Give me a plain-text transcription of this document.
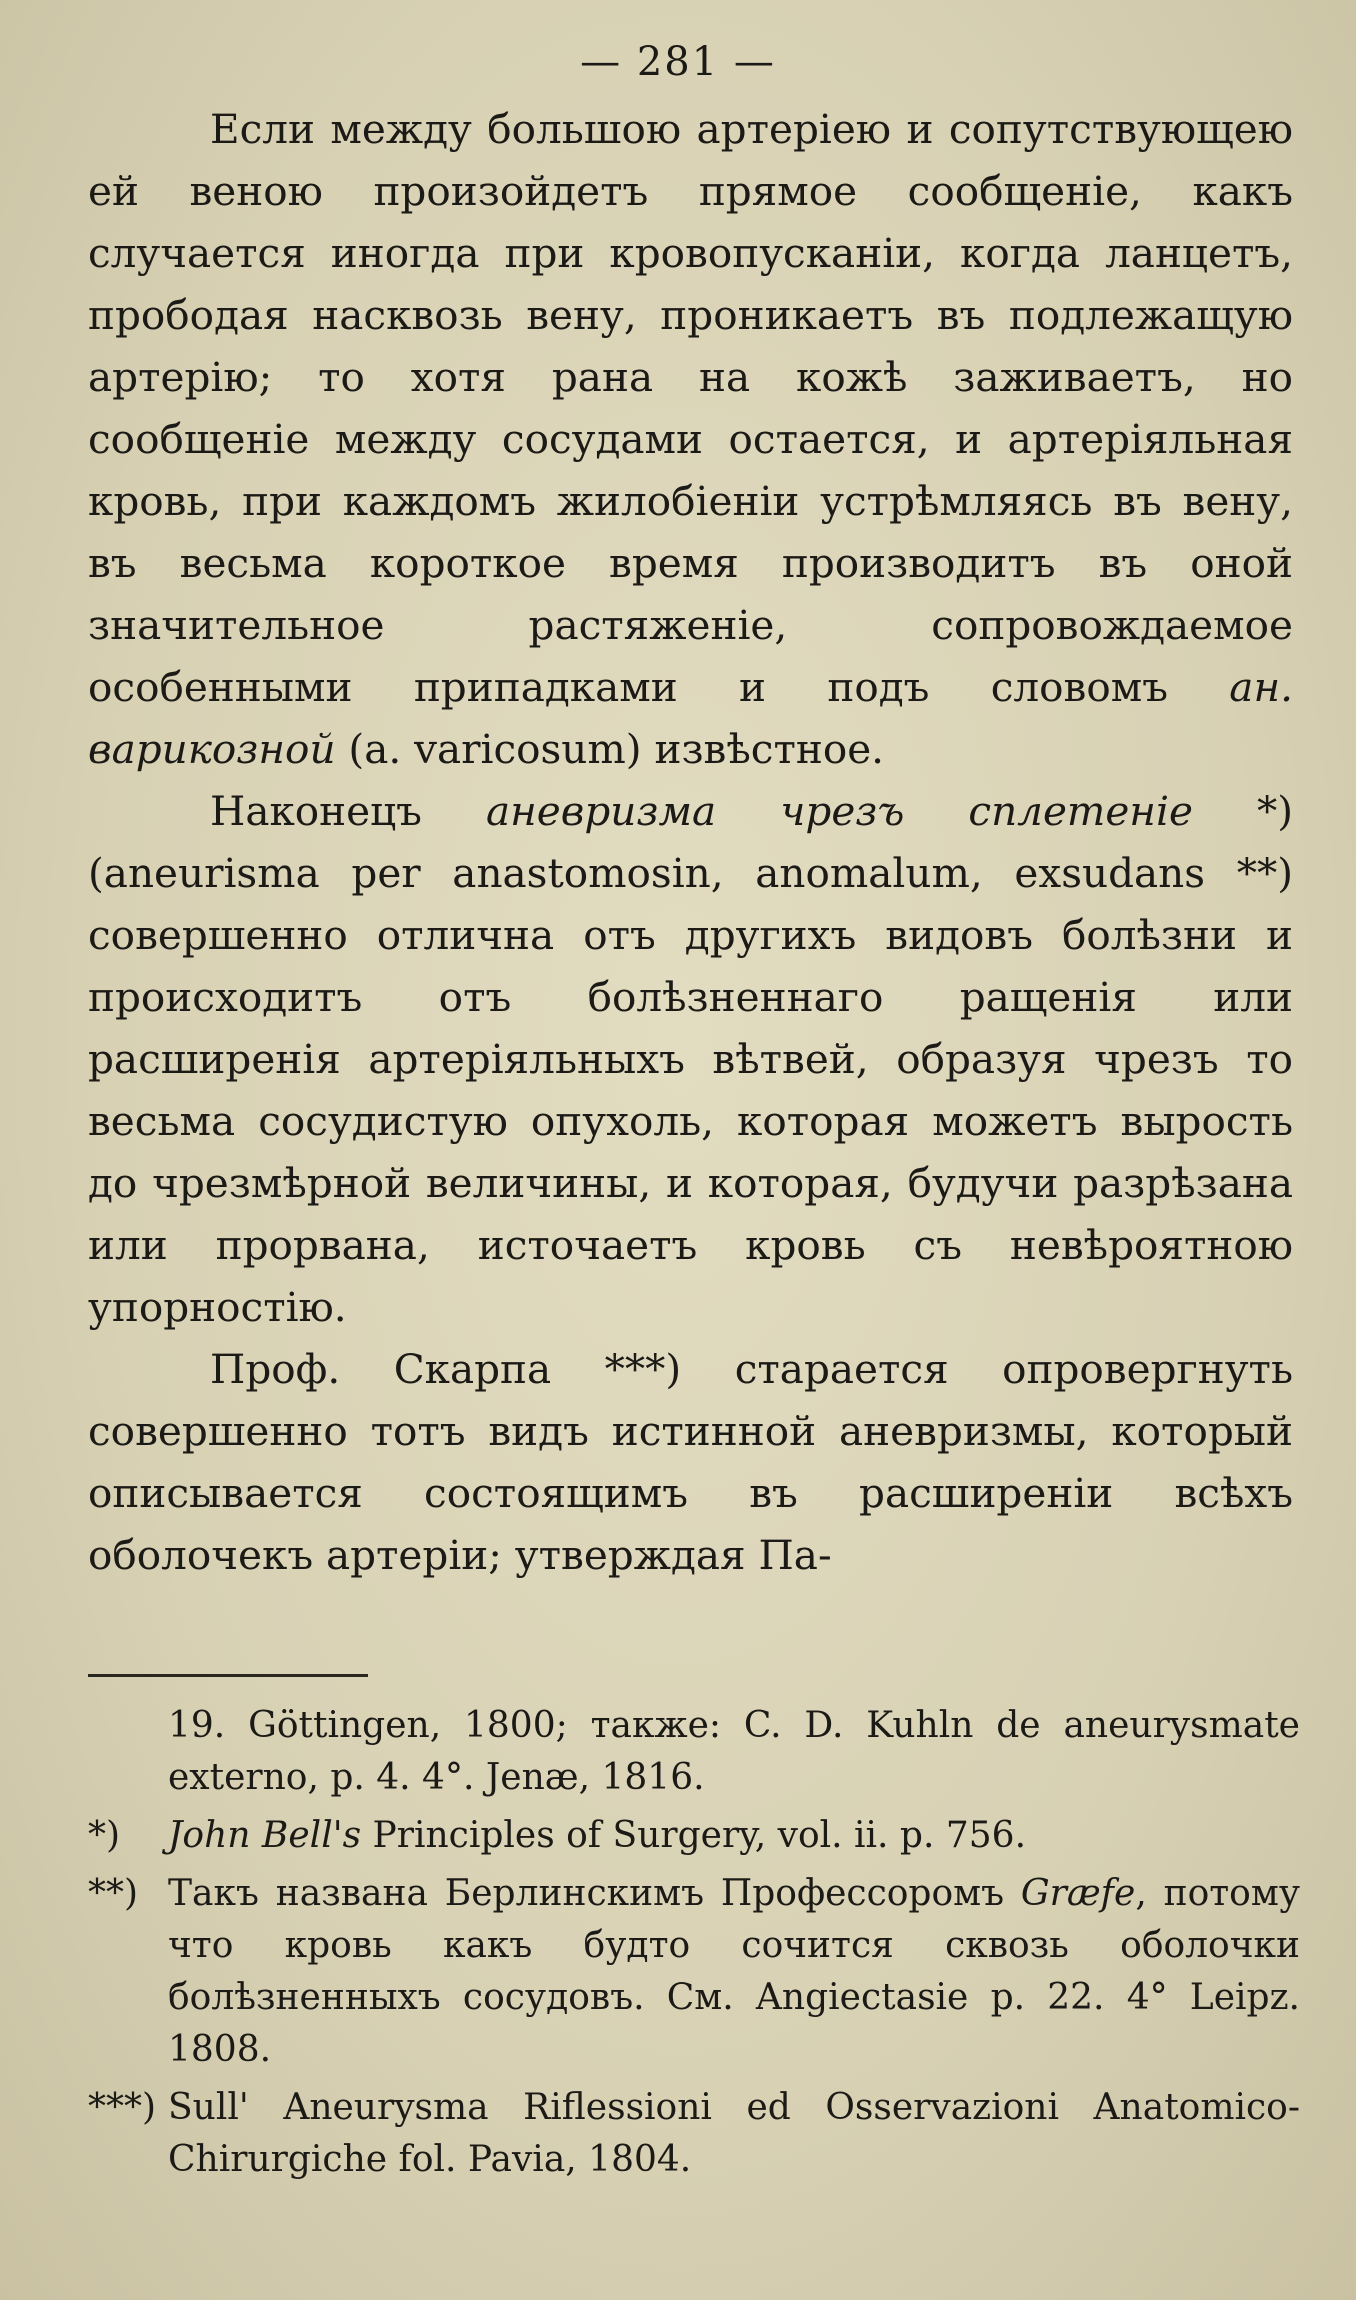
— 281 —

Если между большою артеріею и сопутствующею ей веною произойдетъ прямое сообщеніе, какъ случается иногда при кровопусканіи, когда ланцетъ, прободая насквозь вену, проникаетъ въ подлежащую артерію; то хотя рана на кожѣ заживаетъ, но сообщеніе между сосудами остается, и артеріяльная кровь, при каждомъ жилобіеніи устрѣмляясь въ вену, въ весьма короткое время производитъ въ оной значительное растяженіе, сопровождаемое особенными припадками и подъ словомъ ан. варикозной (a. varicosum) извѣстное.

Наконецъ аневризма чрезъ сплетеніе *) (aneurisma per anastomosin, anomalum, exsudans **) совершенно отлична отъ другихъ видовъ болѣзни и происходитъ отъ болѣзненнаго ращенія или расширенія артеріяльныхъ вѣтвей, образуя чрезъ то весьма сосудистую опухоль, которая можетъ вырость до чрезмѣрной величины, и которая, будучи разрѣзана или прорвана, источаетъ кровь съ невѣроятною упорностію.

Проф. Скарпа ***) старается опровергнуть совершенно тотъ видъ истинной аневризмы, который описывается состоящимъ въ расширеніи всѣхъ оболочекъ артеріи; утверждая Па-

19. Göttingen, 1800; также: C. D. Kuhln de aneurysmate externo, p. 4. 4°. Jenæ, 1816.

*) John Bell's Principles of Surgery, vol. ii. p. 756.

**) Такъ названа Берлинскимъ Профессоромъ Græfe, потому что кровь какъ будто сочится сквозь оболочки болѣзненныхъ сосудовъ. См. Angiectasie p. 22. 4° Leipz. 1808.

***) Sull' Aneurysma Riflessioni ed Osservazioni Anatomico-Chirurgiche fol. Pavia, 1804.
